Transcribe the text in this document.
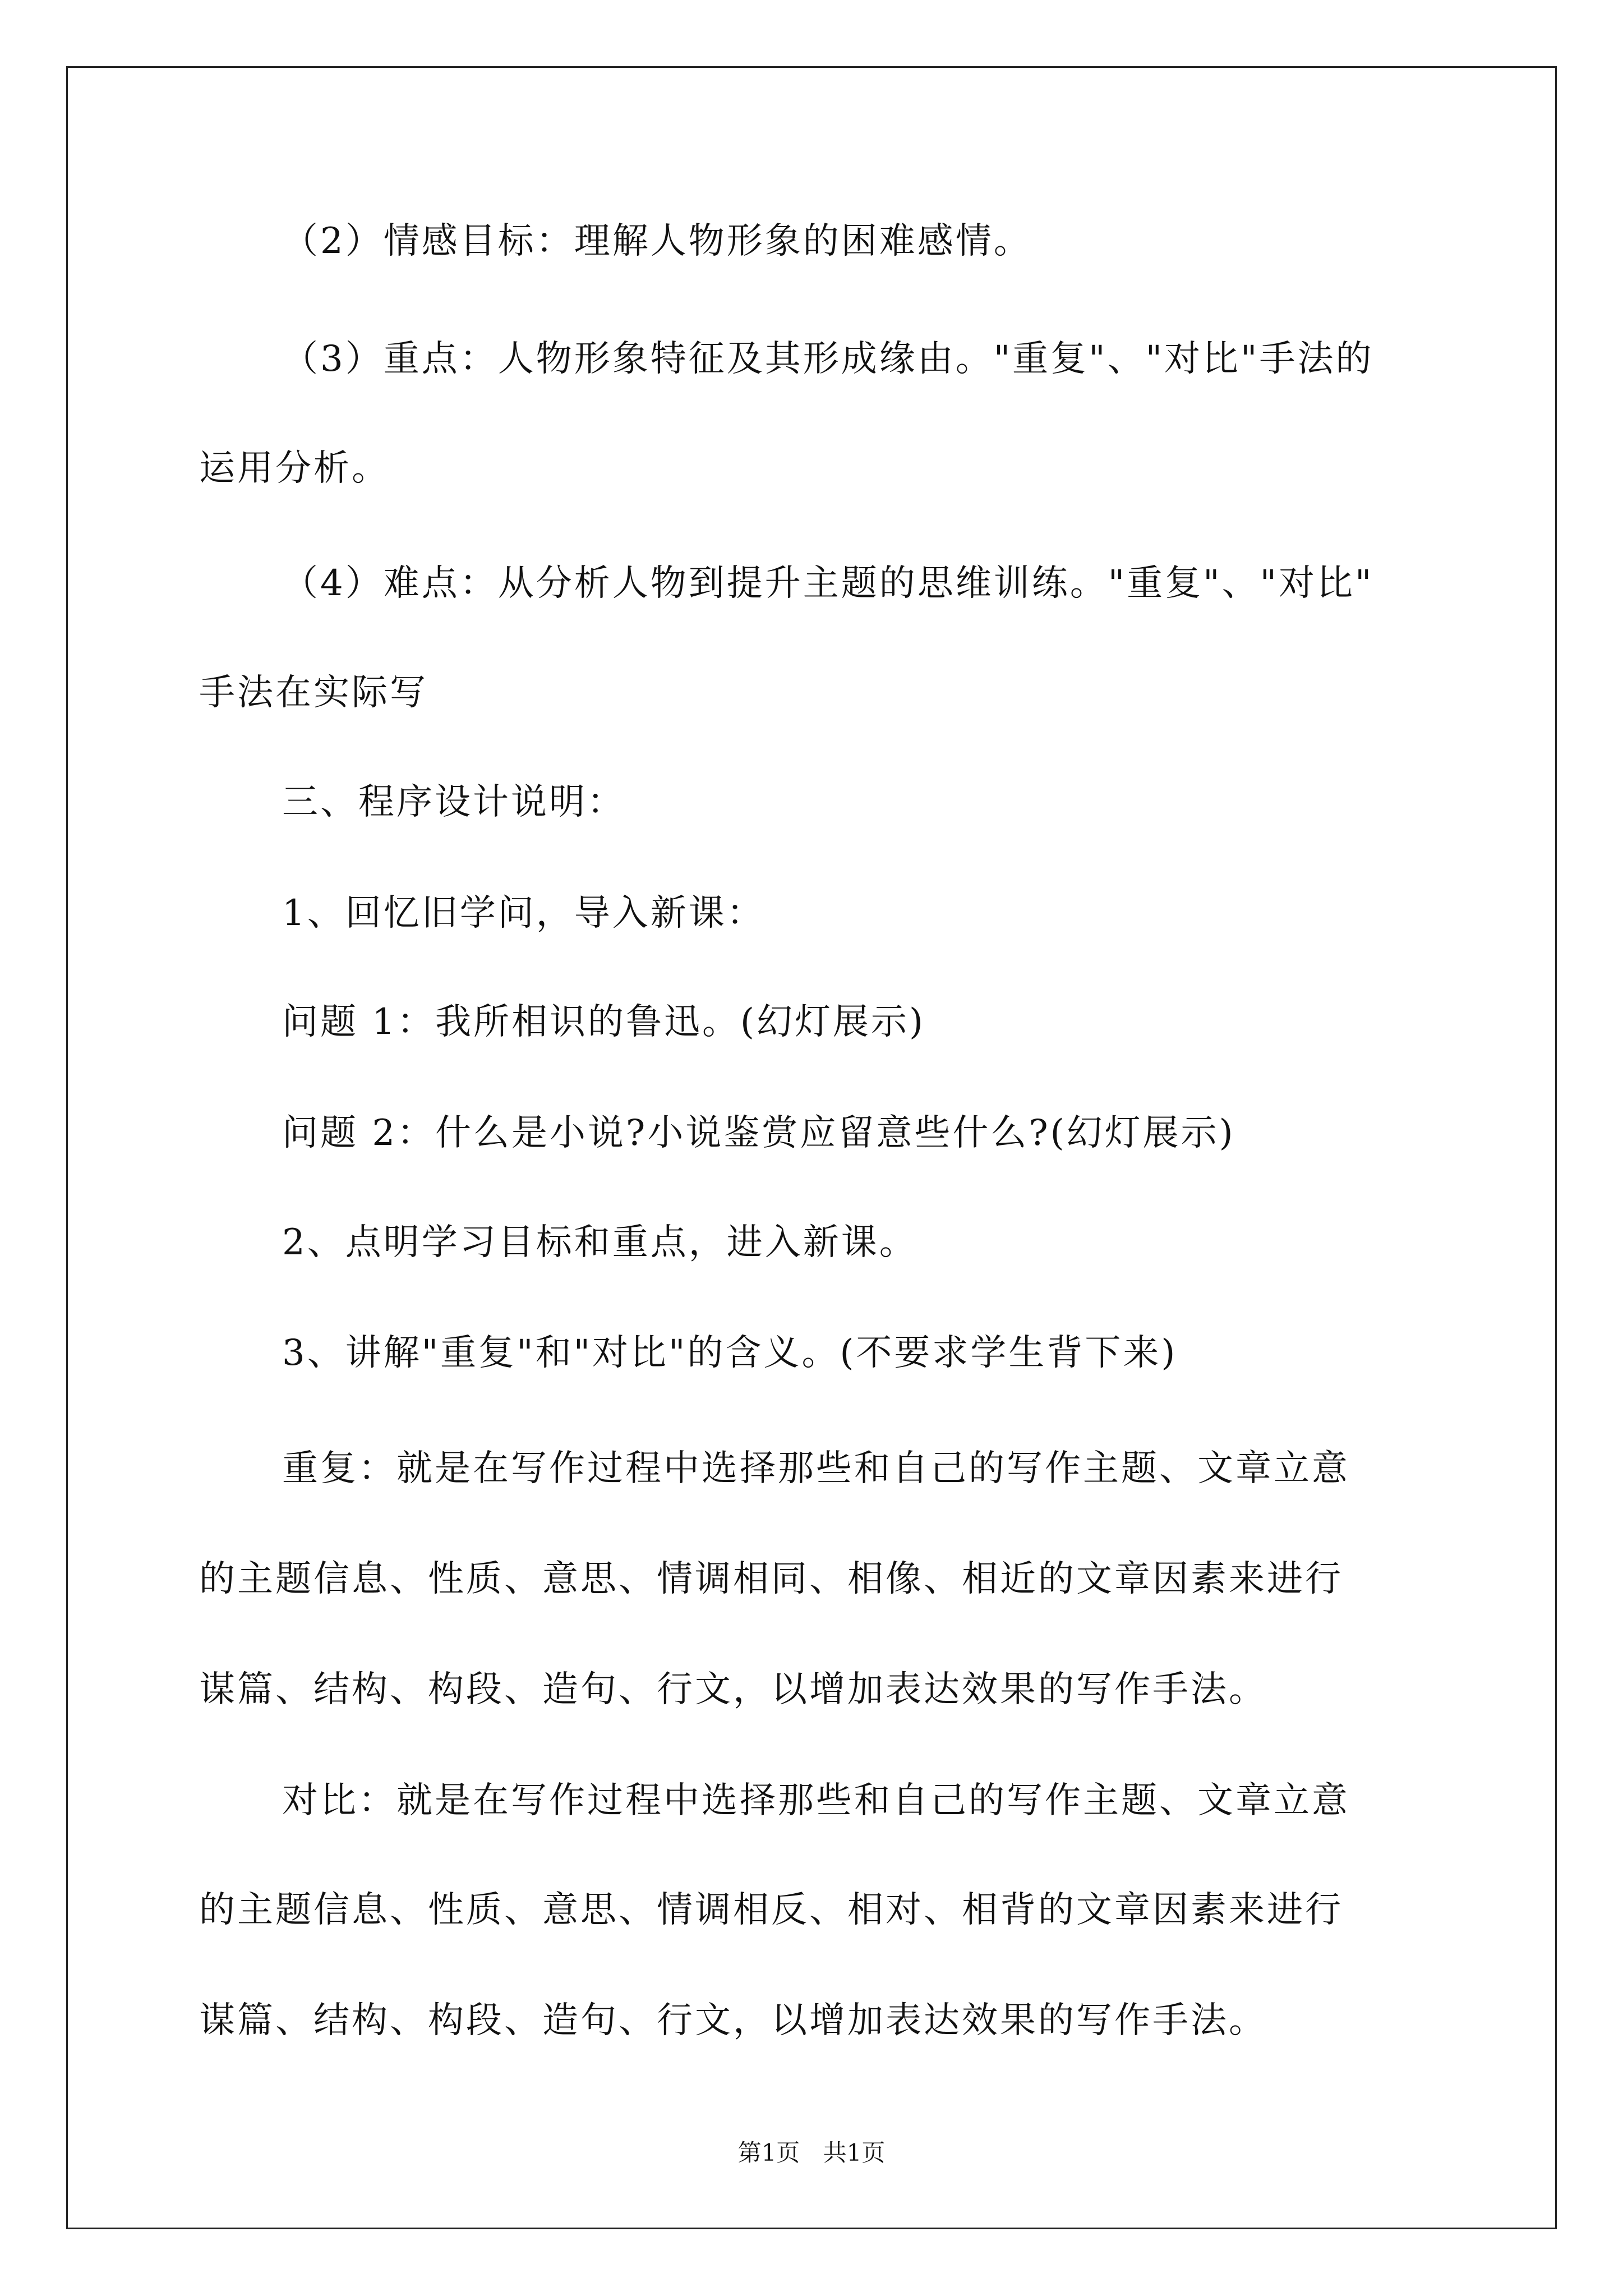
（2）情感目标：理解人物形象的困难感情。
（3）重点：人物形象特征及其形成缘由。"重复"、"对比"手法的
运用分析。
（4）难点：从分析人物到提升主题的思维训练。"重复"、"对比"
手法在实际写
三、程序设计说明：
1、回忆旧学问，导入新课：
问题 1：我所相识的鲁迅。(幻灯展示)
问题 2：什么是小说?小说鉴赏应留意些什么?(幻灯展示)
2、点明学习目标和重点，进入新课。
3、讲解"重复"和"对比"的含义。(不要求学生背下来)
重复：就是在写作过程中选择那些和自己的写作主题、文章立意
的主题信息、性质、意思、情调相同、相像、相近的文章因素来进行
谋篇、结构、构段、造句、行文，以增加表达效果的写作手法。
对比：就是在写作过程中选择那些和自己的写作主题、文章立意
的主题信息、性质、意思、情调相反、相对、相背的文章因素来进行
谋篇、结构、构段、造句、行文，以增加表达效果的写作手法。
第1页 共1页
